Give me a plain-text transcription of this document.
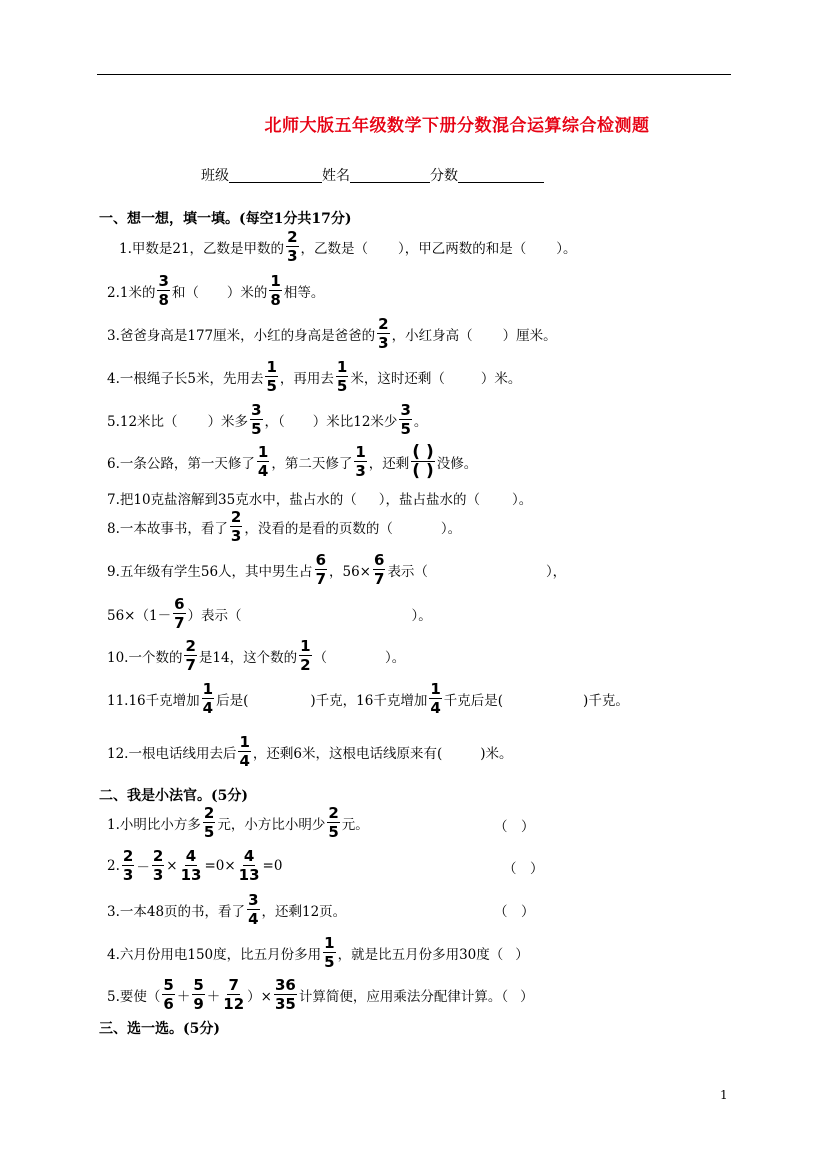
北师大版五年级数学下册分数混合运算综合检测题
班级	姓名	分数
一、想一想，填一填。(每空1分共17分)
1.甲数是21，乙数是甲数的 $\frac{2}{3}$ ，乙数是（ ），甲乙两数的和是（ ）。
2.1米的 $\frac{3}{8}$ 和（ ）米的 $\frac{1}{8}$ 相等。
3.爸爸身高是177厘米，小红的身高是爸爸的 $\frac{2}{3}$ ，小红身高（ ）厘米。
4.一根绳子长5米，先用去 $\frac{1}{5}$ ，再用去 $\frac{1}{5}$ 米，这时还剩（	）米。
5.12米比（ ）米多 $\frac{3}{5}$ ，（ ）米比12米少 $\frac{3}{5}$ 。
6.一条公路，第一天修了 $\frac{1}{4}$ ，第二天修了 $\frac{1}{3}$ ，还剩 $\frac{( )}{( )}$ 没修。
7.把10克盐溶解到35克水中，盐占水的（ ），盐占盐水的（ ）。
8.一本故事书，看了 $\frac{2}{3}$ ，没看的是看的页数的（	）。
9.五年级有学生56人，其中男生占 $\frac{6}{7}$ ，$56\times \frac{6}{7}$ 表示（	），
$56\times(1- \frac{6}{7}$ ）表示（	）。
10.一个数的 $\frac{2}{7}$ 是14，这个数的 $\frac{1}{2}$ （	）。
11.16千克增加 $\frac{1}{4}$ 后是(	)千克，16千克增加 $\frac{1}{4}$ 千克后是(	)千克。
12.一根电话线用去后 $\frac{1}{4}$ ，还剩6米，这根电话线原来有(	)米。
二、我是小法官。(5分)
1.小明比小方多 $\frac{2}{5}$ 元，小方比小明少 $\frac{2}{5}$ 元。	（　）
2. $\frac{2}{3} - \frac{2}{3} \times \frac{4}{13} =0\times \frac{4}{13} =0$	（　）
3.一本48页的书，看了 $\frac{3}{4}$ ，还剩12页。	（　）
4.六月份用电150度，比五月份多用 $\frac{1}{5}$ ，就是比五月份多用30度（ ）
5.要使（ $\frac{5}{6} + \frac{5}{9} + \frac{7}{12}$ ）× $\frac{36}{35}$ 计算简便，应用乘法分配律计算。（ ）
三、选一选。(5分)
1
